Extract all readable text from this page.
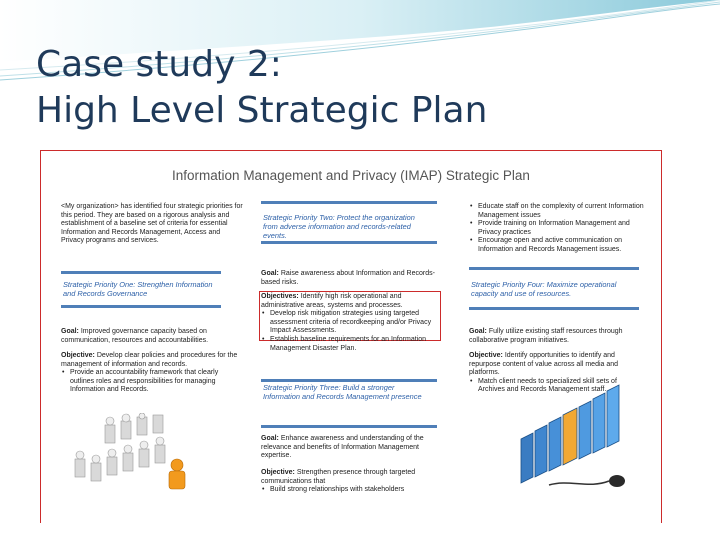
Case study 2:
High Level Strategic Plan
Information Management and Privacy (IMAP) Strategic Plan
<My organization> has identified four strategic priorities for this period. They are based on a rigorous analysis and establishment of a baseline set of criteria for essential Information and Records Management, Access and Privacy programs and services.
Strategic Priority One: Strengthen Information and Records Governance
Goal: Improved governance capacity based on communication, resources and accountabilities.
Objective: Develop clear policies and procedures for the management of information and records.
• Provide an accountability framework that clearly outlines roles and responsibilities for managing Information and Records.
Strategic Priority Two: Protect the organization from adverse information and records-related events.
Goal: Raise awareness about Information and Records-based risks.
Objectives: Identify high risk operational and administrative areas, systems and processes.
• Develop risk mitigation strategies using targeted assessment criteria of recordkeeping and/or Privacy Impact Assessments.
• Establish baseline requirements for an Information Management Disaster Plan.
Strategic Priority Three: Build a stronger Information and Records Management presence
Goal: Enhance awareness and understanding of the relevance and benefits of Information Management expertise.
Objective: Strengthen presence through targeted communications that
• Build strong relationships with stakeholders
• Educate staff on the complexity of current Information Management issues
• Provide training on Information Management and Privacy practices
• Encourage open and active communication on Information and Records Management issues.
Strategic Priority Four: Maximize operational capacity and use of resources.
Goal: Fully utilize existing staff resources through collaborative program initiatives.
Objective: Identify opportunities to identify and repurpose content of value across all media and platforms.
• Match client needs to specialized skill sets of Archives and Records Management staff.
